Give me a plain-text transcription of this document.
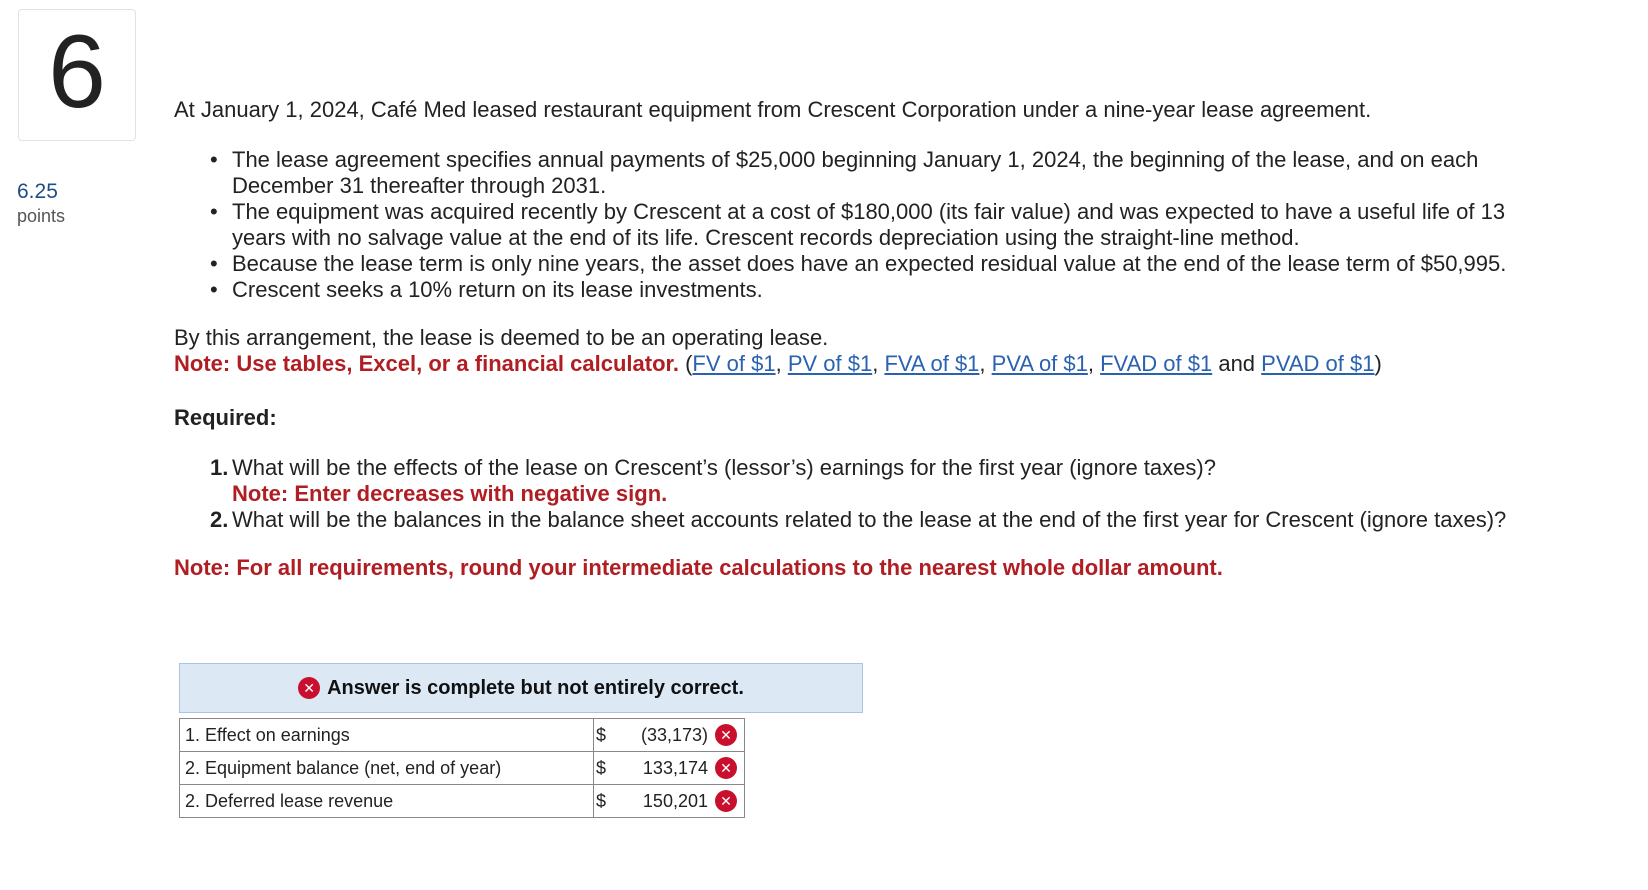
6
6.25
points

At January 1, 2024, Café Med leased restaurant equipment from Crescent Corporation under a nine-year lease agreement.

• The lease agreement specifies annual payments of $25,000 beginning January 1, 2024, the beginning of the lease, and on each December 31 thereafter through 2031.
• The equipment was acquired recently by Crescent at a cost of $180,000 (its fair value) and was expected to have a useful life of 13 years with no salvage value at the end of its life. Crescent records depreciation using the straight-line method.
• Because the lease term is only nine years, the asset does have an expected residual value at the end of the lease term of $50,995.
• Crescent seeks a 10% return on its lease investments.

By this arrangement, the lease is deemed to be an operating lease.

Note: Use tables, Excel, or a financial calculator. (FV of $1, PV of $1, FVA of $1, PVA of $1, FVAD of $1 and PVAD of $1)

Required:

1. What will be the effects of the lease on Crescent’s (lessor’s) earnings for the first year (ignore taxes)?
Note: Enter decreases with negative sign.
2. What will be the balances in the balance sheet accounts related to the lease at the end of the first year for Crescent (ignore taxes)?

Note: For all requirements, round your intermediate calculations to the nearest whole dollar amount.

✕ Answer is complete but not entirely correct.
1. Effect on earnings	$ (33,173) ✕

2. Equipment balance (net, end of year)	$ 133,174 ✕

2. Deferred lease revenue	$ 150,201 ✕
